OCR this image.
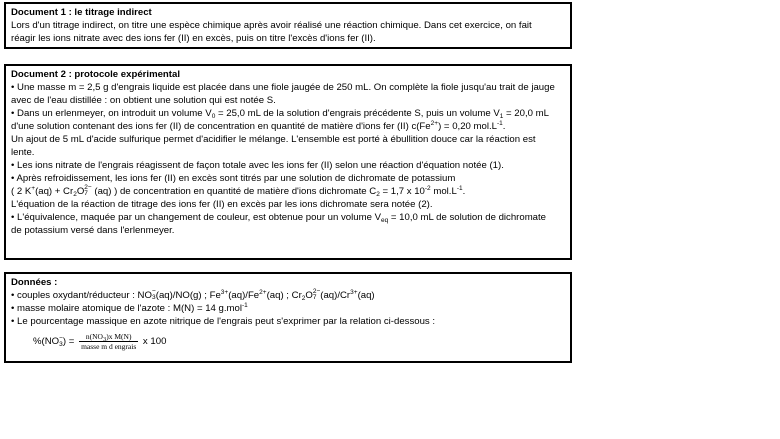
Document 1 : le titrage indirect
Lors d'un titrage indirect, on titre une espèce chimique après avoir réalisé une réaction chimique. Dans cet exercice, on fait
réagir les ions nitrate avec des ions fer (II) en excès, puis on titre l'excès d'ions fer (II).
Document 2 : protocole expérimental
• Une masse m = 2,5 g d'engrais liquide est placée dans une fiole jaugée de 250 mL. On complète la fiole jusqu'au trait de jauge
avec de l'eau distillée : on obtient une solution qui est notée S.
• Dans un erlenmeyer, on introduit un volume $V_0 = 25,0$ mL de la solution d'engrais précédente S, puis un volume $V_1 = 20,0$ mL
d'une solution contenant des ions fer (II) de concentration en quantité de matière d'ions fer (II) $c(Fe^{2+}) = 0,20$ $mol.L^{-1}$.
Un ajout de 5 mL d'acide sulfurique permet d'acidifier le mélange. L'ensemble est porté à ébullition douce car la réaction est
lente.
• Les ions nitrate de l'engrais réagissent de façon totale avec les ions fer (II) selon une réaction d'équation notée (1).
• Après refroidissement, les ions fer (II) en excès sont titrés par une solution de dichromate de potassium
( 2 $K^+(aq) + Cr_2O$ 2−
7 (aq) ) de concentration en quantité de matière d'ions dichromate $C_2 = 1,7$ x $10^{-2}$ $mol.L^{-1}$.
L'équation de la réaction de titrage des ions fer (II) en excès par les ions dichromate sera notée (2).
• L'équivalence, maquée par un changement de couleur, est obtenue pour un volume $V_{eq} = 10,0$ mL de solution de dichromate
de potassium versé dans l'erlenmeyer.
Données :
• couples oxydant/réducteur : NO −
3 (aq)/NO(g) ; $Fe^{3+}(aq)/Fe^{2+}(aq)$ ; $Cr_2O$ 2−
7 $(aq)/Cr^{3+}(aq)$
• masse molaire atomique de l'azote : M(N) = 14 g.mol$^{-1}$
• Le pourcentage massique en azote nitrique de l'engrais peut s'exprimer par la relation ci-dessous :
%(NO −
3 ) = $\frac{n(NO_3)x M(N)}{\text{masse m d engrais}}$ x 100
